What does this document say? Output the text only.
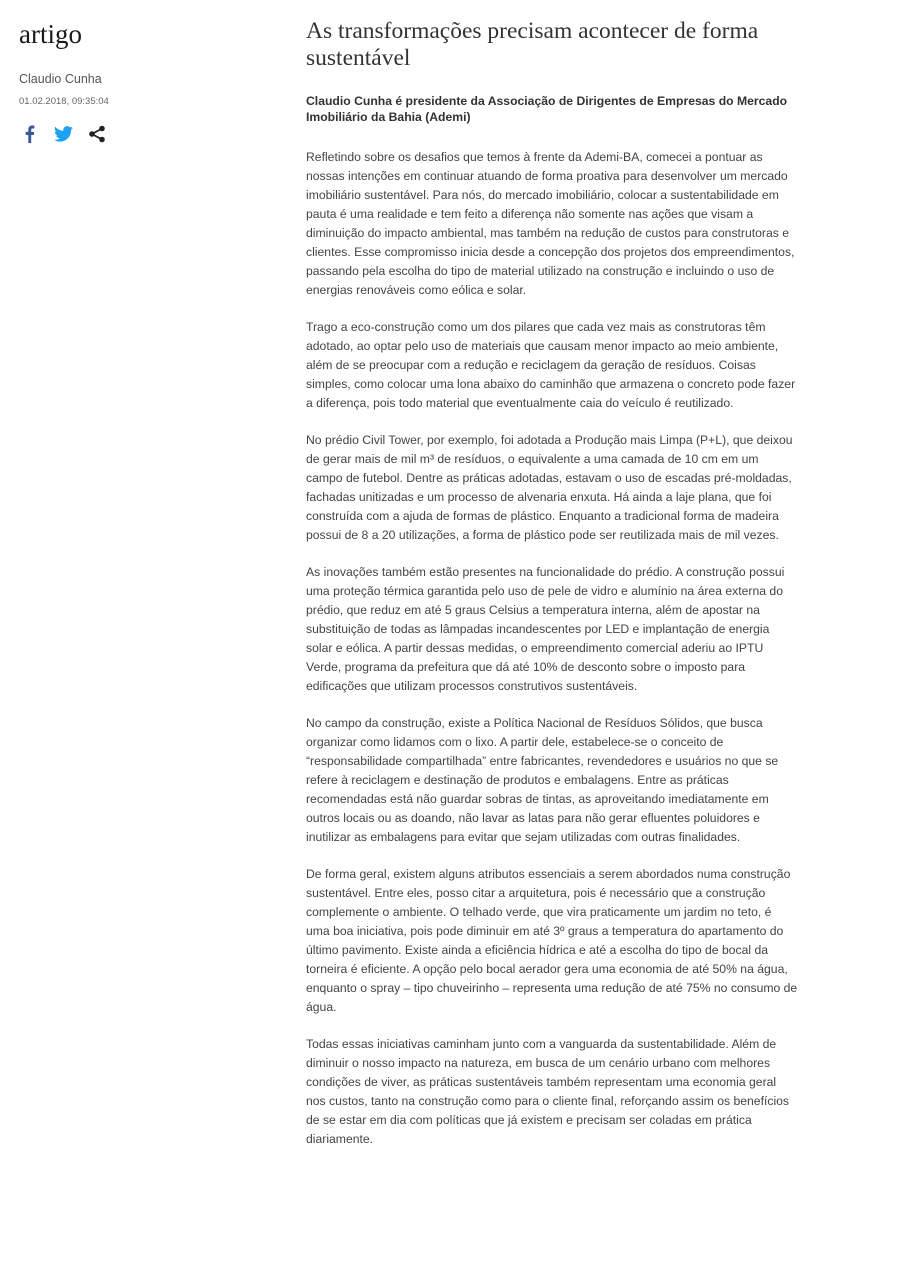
artigo
Claudio Cunha
01.02.2018, 09:35:04
As transformações precisam acontecer de forma sustentável
Claudio Cunha é presidente da Associação de Dirigentes de Empresas do Mercado Imobiliário da Bahia (Ademi)

Refletindo sobre os desafios que temos à frente da Ademi-BA, comecei a pontuar as nossas intenções em continuar atuando de forma proativa para desenvolver um mercado imobiliário sustentável. Para nós, do mercado imobiliário, colocar a sustentabilidade em pauta é uma realidade e tem feito a diferença não somente nas ações que visam a diminuição do impacto ambiental, mas também na redução de custos para construtoras e clientes. Esse compromisso inicia desde a concepção dos projetos dos empreendimentos, passando pela escolha do tipo de material utilizado na construção e incluindo o uso de energias renováveis como eólica e solar.

Trago a eco-construção como um dos pilares que cada vez mais as construtoras têm adotado, ao optar pelo uso de materiais que causam menor impacto ao meio ambiente, além de se preocupar com a redução e reciclagem da geração de resíduos. Coisas simples, como colocar uma lona abaixo do caminhão que armazena o concreto pode fazer a diferença, pois todo material que eventualmente caia do veículo é reutilizado.

No prédio Civil Tower, por exemplo, foi adotada a Produção mais Limpa (P+L), que deixou de gerar mais de mil m³ de resíduos, o equivalente a uma camada de 10 cm em um campo de futebol. Dentre as práticas adotadas, estavam o uso de escadas pré-moldadas, fachadas unitizadas e um processo de alvenaria enxuta. Há ainda a laje plana, que foi construída com a ajuda de formas de plástico. Enquanto a tradicional forma de madeira possui de 8 a 20 utilizações, a forma de plástico pode ser reutilizada mais de mil vezes.

As inovações também estão presentes na funcionalidade do prédio. A construção possui uma proteção térmica garantida pelo uso de pele de vidro e alumínio na área externa do prédio, que reduz em até 5 graus Celsius a temperatura interna, além de apostar na substituição de todas as lâmpadas incandescentes por LED e implantação de energia solar e eólica. A partir dessas medidas, o empreendimento comercial aderiu ao IPTU Verde, programa da prefeitura que dá até 10% de desconto sobre o imposto para edificações que utilizam processos construtivos sustentáveis.

No campo da construção, existe a Política Nacional de Resíduos Sólidos, que busca organizar como lidamos com o lixo. A partir dele, estabelece-se o conceito de “responsabilidade compartilhada” entre fabricantes, revendedores e usuários no que se refere à reciclagem e destinação de produtos e embalagens. Entre as práticas recomendadas está não guardar sobras de tintas, as aproveitando imediatamente em outros locais ou as doando, não lavar as latas para não gerar efluentes poluidores e inutilizar as embalagens para evitar que sejam utilizadas com outras finalidades.

De forma geral, existem alguns atributos essenciais a serem abordados numa construção sustentável. Entre eles, posso citar a arquitetura, pois é necessário que a construção complemente o ambiente. O telhado verde, que vira praticamente um jardim no teto, é uma boa iniciativa, pois pode diminuir em até 3º graus a temperatura do apartamento do último pavimento. Existe ainda a eficiência hídrica e até a escolha do tipo de bocal da torneira é eficiente. A opção pelo bocal aerador gera uma economia de até 50% na água, enquanto o spray – tipo chuveirinho – representa uma redução de até 75% no consumo de água.

Todas essas iniciativas caminham junto com a vanguarda da sustentabilidade. Além de diminuir o nosso impacto na natureza, em busca de um cenário urbano com melhores condições de viver, as práticas sustentáveis também representam uma economia geral nos custos, tanto na construção como para o cliente final, reforçando assim os benefícios de se estar em dia com políticas que já existem e precisam ser coladas em prática diariamente.
